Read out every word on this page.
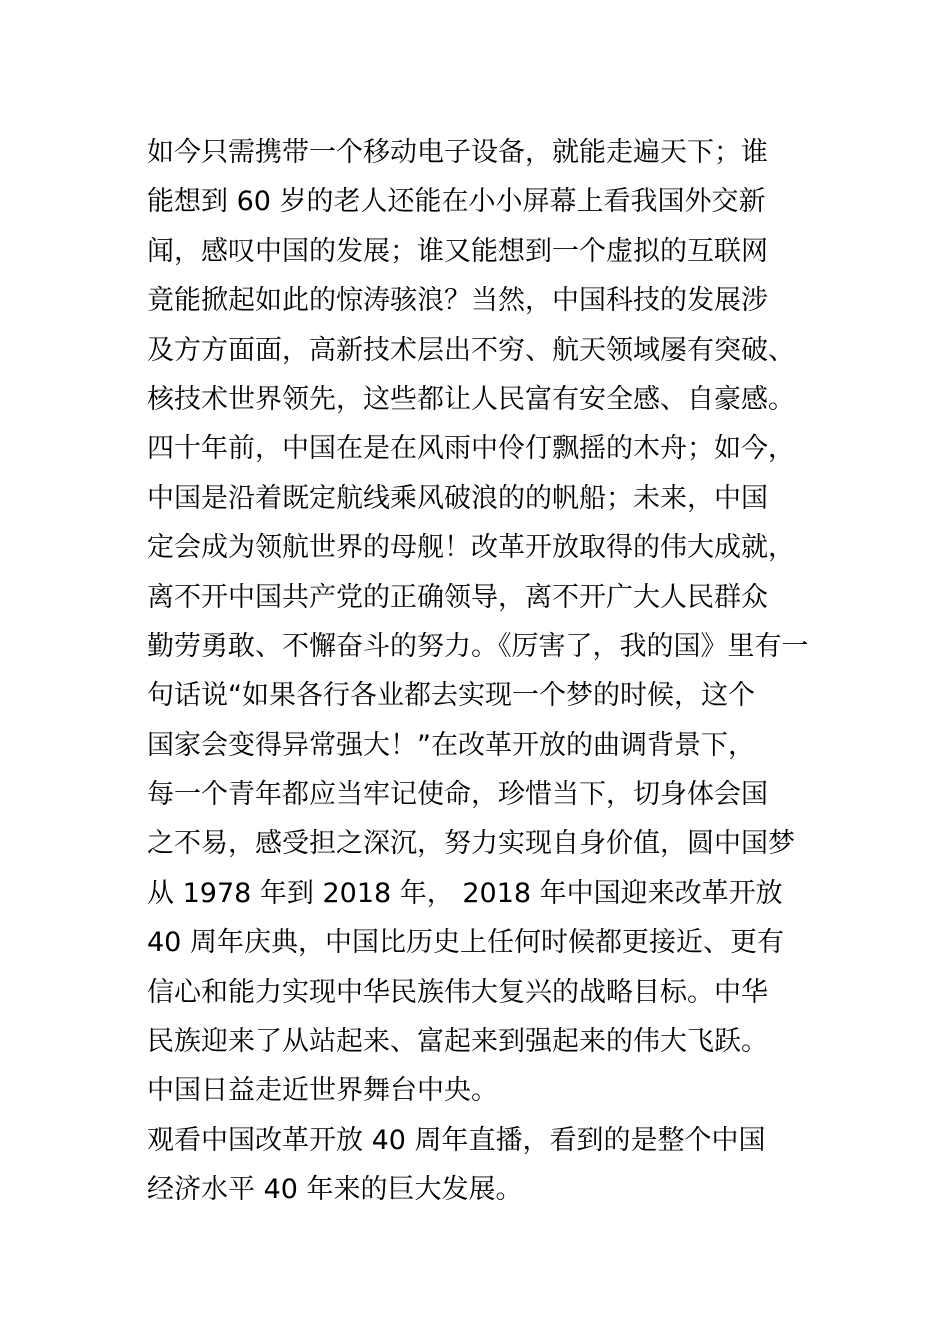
如今只需携带一个移动电子设备，就能走遍天下；谁
能想到 60 岁的老人还能在小小屏幕上看我国外交新
闻，感叹中国的发展；谁又能想到一个虚拟的互联网
竟能掀起如此的惊涛骇浪？当然，中国科技的发展涉
及方方面面，高新技术层出不穷、航天领域屡有突破、
核技术世界领先，这些都让人民富有安全感、自豪感。
四十年前，中国在是在风雨中伶仃飘摇的木舟；如今，
中国是沿着既定航线乘风破浪的的帆船；未来，中国
定会成为领航世界的母舰！改革开放取得的伟大成就，
离不开中国共产党的正确领导，离不开广大人民群众
勤劳勇敢、不懈奋斗的努力。《厉害了，我的国》里有一
句话说“如果各行各业都去实现一个梦的时候，这个
国家会变得异常强大！”在改革开放的曲调背景下，
每一个青年都应当牢记使命，珍惜当下，切身体会国
之不易，感受担之深沉，努力实现自身价值，圆中国梦
从 1978 年到 2018 年， 2018 年中国迎来改革开放
40 周年庆典，中国比历史上任何时候都更接近、更有
信心和能力实现中华民族伟大复兴的战略目标。中华
民族迎来了从站起来、富起来到强起来的伟大飞跃。
中国日益走近世界舞台中央。
观看中国改革开放 40 周年直播，看到的是整个中国
经济水平 40 年来的巨大发展。
